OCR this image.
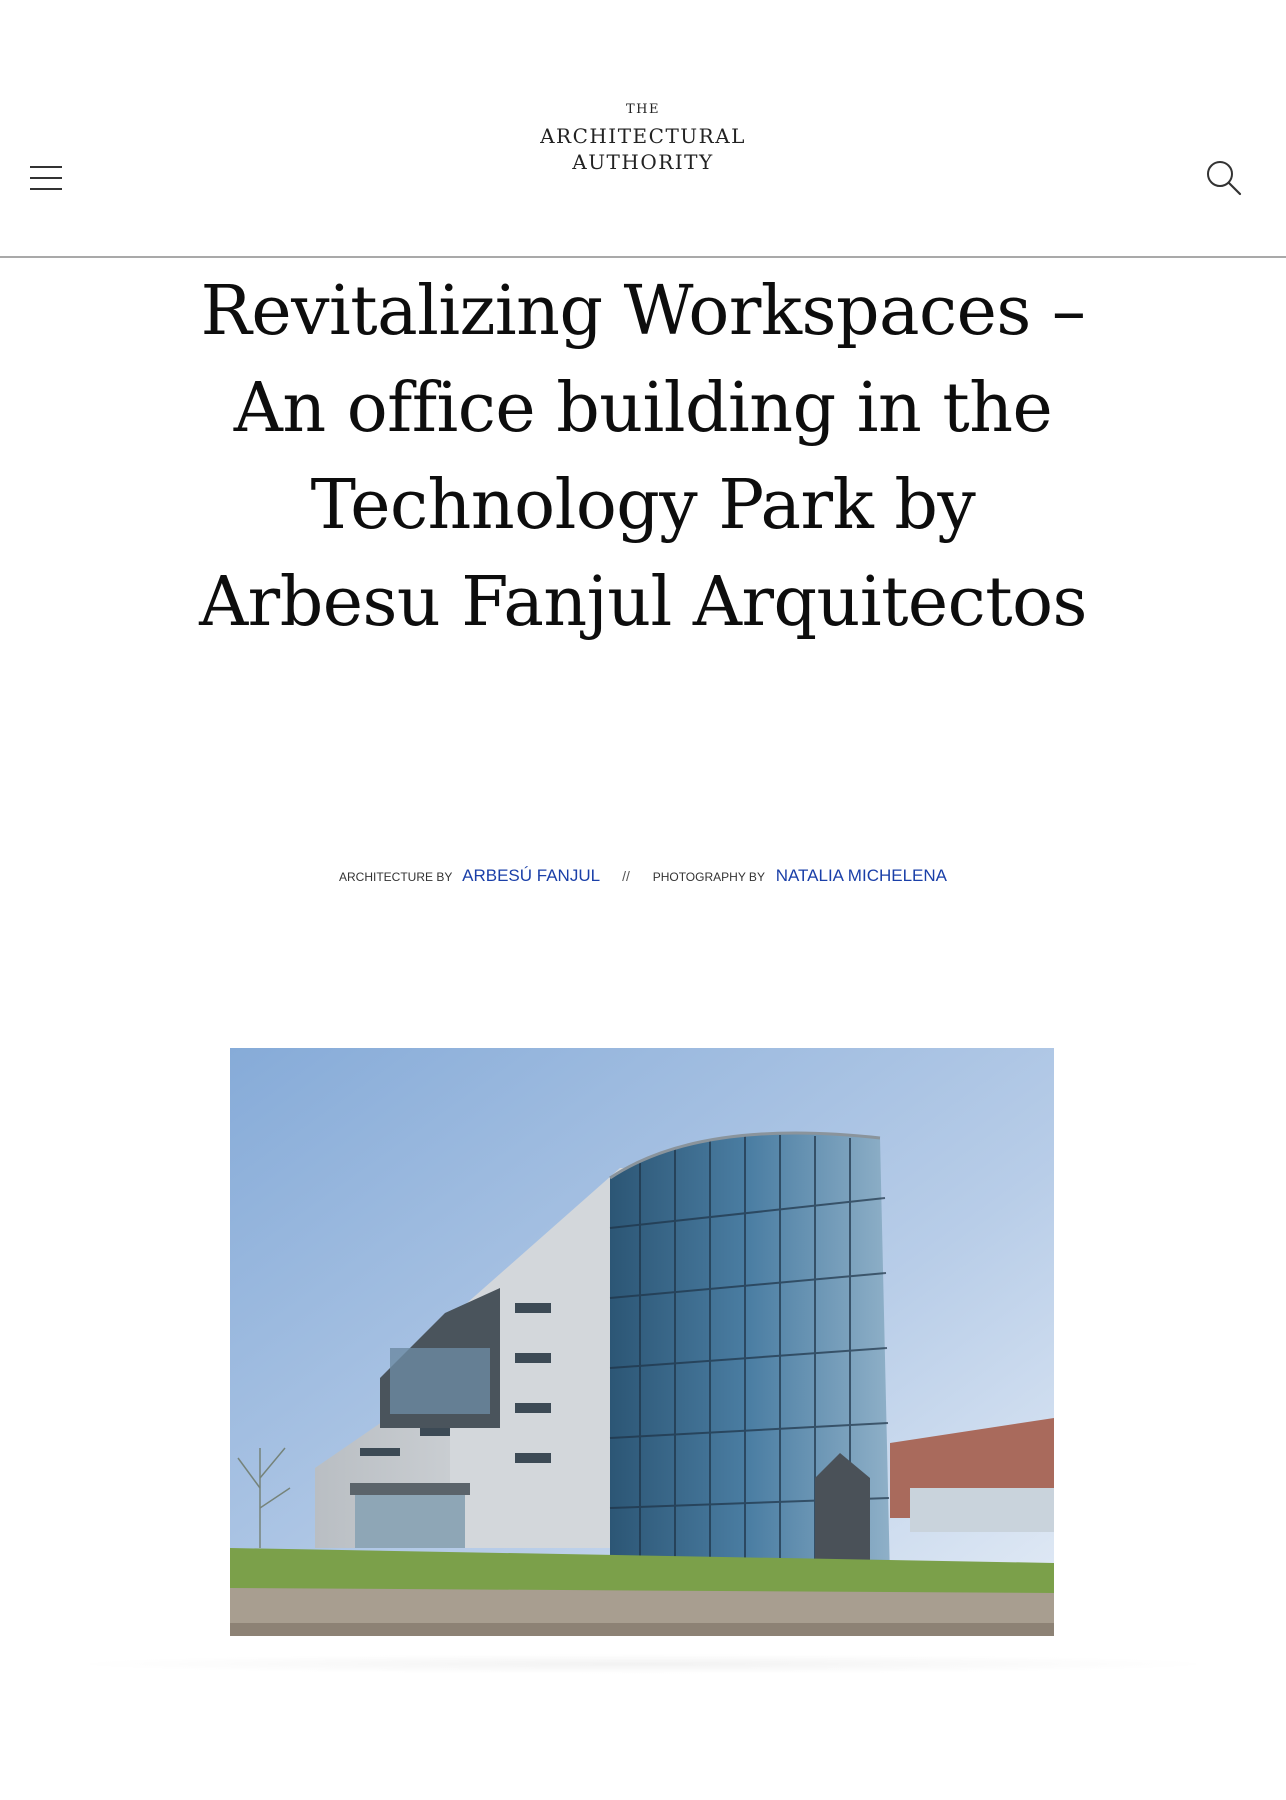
THE
ARCHITECTURAL
AUTHORITY
Revitalizing Workspaces – An office building in the Technology Park by Arbesu Fanjul Arquitectos
ARCHITECTURE BY ARBESÚ FANJUL // PHOTOGRAPHY BY NATALIA MICHELENA
